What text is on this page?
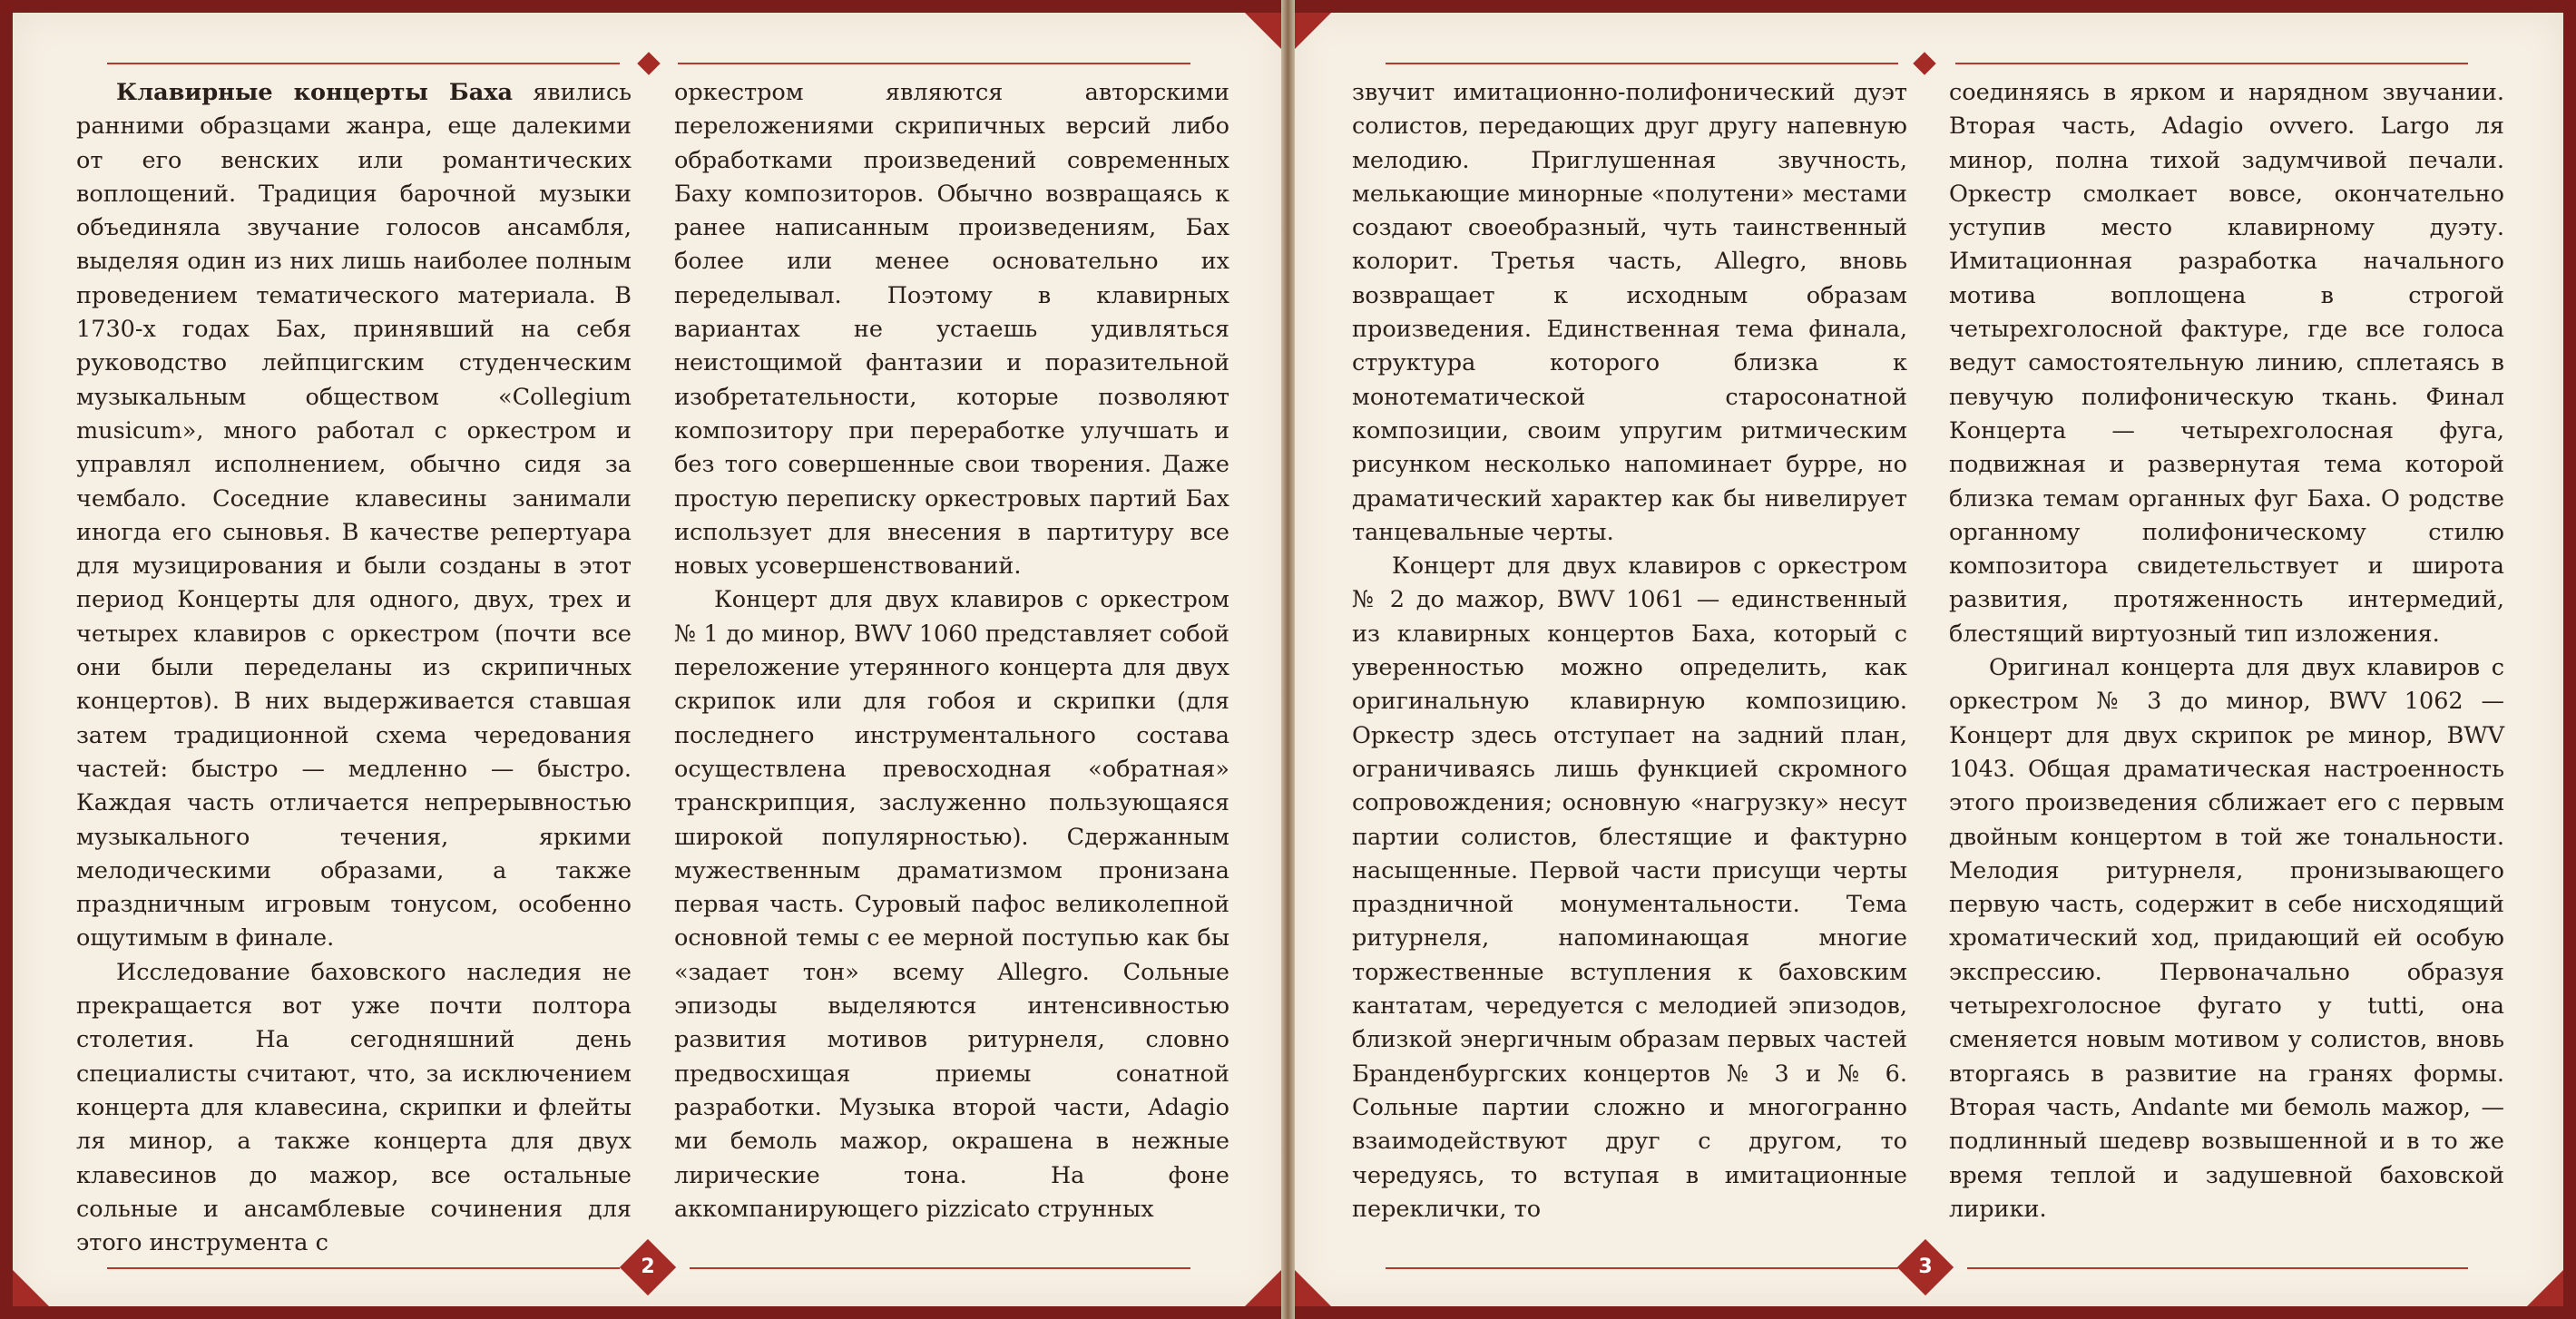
2	3

Клавирные концерты Баха явились ранними образцами жанра, еще далекими от его венских или романтических воплощений. Традиция барочной музыки объединяла звучание голосов ансамбля, выделяя один из них лишь наиболее полным проведением тематического материала. В 1730-х годах Бах, принявший на себя руководство лейпцигским студенческим музыкальным обществом «Collegium musicum», много работал с оркестром и управлял исполнением, обычно сидя за чембало. Соседние клавесины занимали иногда его сыновья. В качестве репертуара для музицирования и были созданы в этот период Концерты для одного, двух, трех и четырех клавиров с оркестром (почти все они были переделаны из скрипичных концертов). В них выдерживается ставшая затем традиционной схема чередования частей: быстро — медленно — быстро. Каждая часть отличается непрерывностью музыкального течения, яркими мелодическими образами, а также праздничным игровым тонусом, особенно ощутимым в финале.

Исследование баховского наследия не прекращается вот уже почти полтора столетия. На сегодняшний день специалисты считают, что, за исключением концерта для клавесина, скрипки и флейты ля минор, а также концерта для двух клавесинов до мажор, все остальные сольные и ансамблевые сочинения для этого инструмента с

оркестром являются авторскими переложениями скрипичных версий либо обработками произведений современных Баху композиторов. Обычно возвращаясь к ранее написанным произведениям, Бах более или менее основательно их переделывал. Поэтому в клавирных вариантах не устаешь удивляться неистощимой фантазии и поразительной изобретательности, которые позволяют композитору при переработке улучшать и без того совершенные свои творения. Даже простую переписку оркестровых партий Бах использует для внесения в партитуру все новых усовершенствований.

Концерт для двух клавиров с оркестром № 1 до минор, BWV 1060 представляет собой переложение утерянного концерта для двух скрипок или для гобоя и скрипки (для последнего инструментального состава осуществлена превосходная «обратная» транскрипция, заслуженно пользующаяся широкой популярностью). Сдержанным мужественным драматизмом пронизана первая часть. Суровый пафос великолепной основной темы с ее мерной поступью как бы «задает тон» всему Allegro. Сольные эпизоды выделяются интенсивностью развития мотивов ритурнеля, словно предвосхищая приемы сонатной разработки. Музыка второй части, Adagio ми бемоль мажор, окрашена в нежные лирические тона. На фоне аккомпанирующего pizzicato струнных

звучит имитационно-полифонический дуэт солистов, передающих друг другу напевную мелодию. Приглушенная звучность, мелькающие минорные «полутени» местами создают своеобразный, чуть таинственный колорит. Третья часть, Allegro, вновь возвращает к исходным образам произведения. Единственная тема финала, структура которого близка к монотематической старосонатной композиции, своим упругим ритмическим рисунком несколько напоминает бурре, но драматический характер как бы нивелирует танцевальные черты.

Концерт для двух клавиров с оркестром № 2 до мажор, BWV 1061 — единственный из клавирных концертов Баха, который с уверенностью можно определить, как оригинальную клавирную композицию. Оркестр здесь отступает на задний план, ограничиваясь лишь функцией скромного сопровождения; основную «нагрузку» несут партии солистов, блестящие и фактурно насыщенные. Первой части присущи черты праздничной монументальности. Тема ритурнеля, напоминающая многие торжественные вступления к баховским кантатам, чередуется с мелодией эпизодов, близкой энергичным образам первых частей Бранденбургских концертов № 3 и № 6. Сольные партии сложно и многогранно взаимодействуют друг с другом, то чередуясь, то вступая в имитационные переклички, то

соединяясь в ярком и нарядном звучании. Вторая часть, Adagio ovvero. Largo ля минор, полна тихой задумчивой печали. Оркестр смолкает вовсе, окончательно уступив место клавирному дуэту. Имитационная разработка начального мотива воплощена в строгой четырехголосной фактуре, где все голоса ведут самостоятельную линию, сплетаясь в певучую полифоническую ткань. Финал Концерта — четырехголосная фуга, подвижная и развернутая тема которой близка темам органных фуг Баха. О родстве органному полифоническому стилю композитора свидетельствует и широта развития, протяженность интермедий, блестящий виртуозный тип изложения.

Оригинал концерта для двух клавиров с оркестром № 3 до минор, BWV 1062 — Концерт для двух скрипок ре минор, BWV 1043. Общая драматическая настроенность этого произведения сближает его с первым двойным концертом в той же тональности. Мелодия ритурнеля, пронизывающего первую часть, содержит в себе нисходящий хроматический ход, придающий ей особую экспрессию. Первоначально образуя четырехголосное фугато у tutti, она сменяется новым мотивом у солистов, вновь вторгаясь в развитие на гранях формы. Вторая часть, Andante ми бемоль мажор, — подлинный шедевр возвышенной и в то же время теплой и задушевной баховской лирики.
